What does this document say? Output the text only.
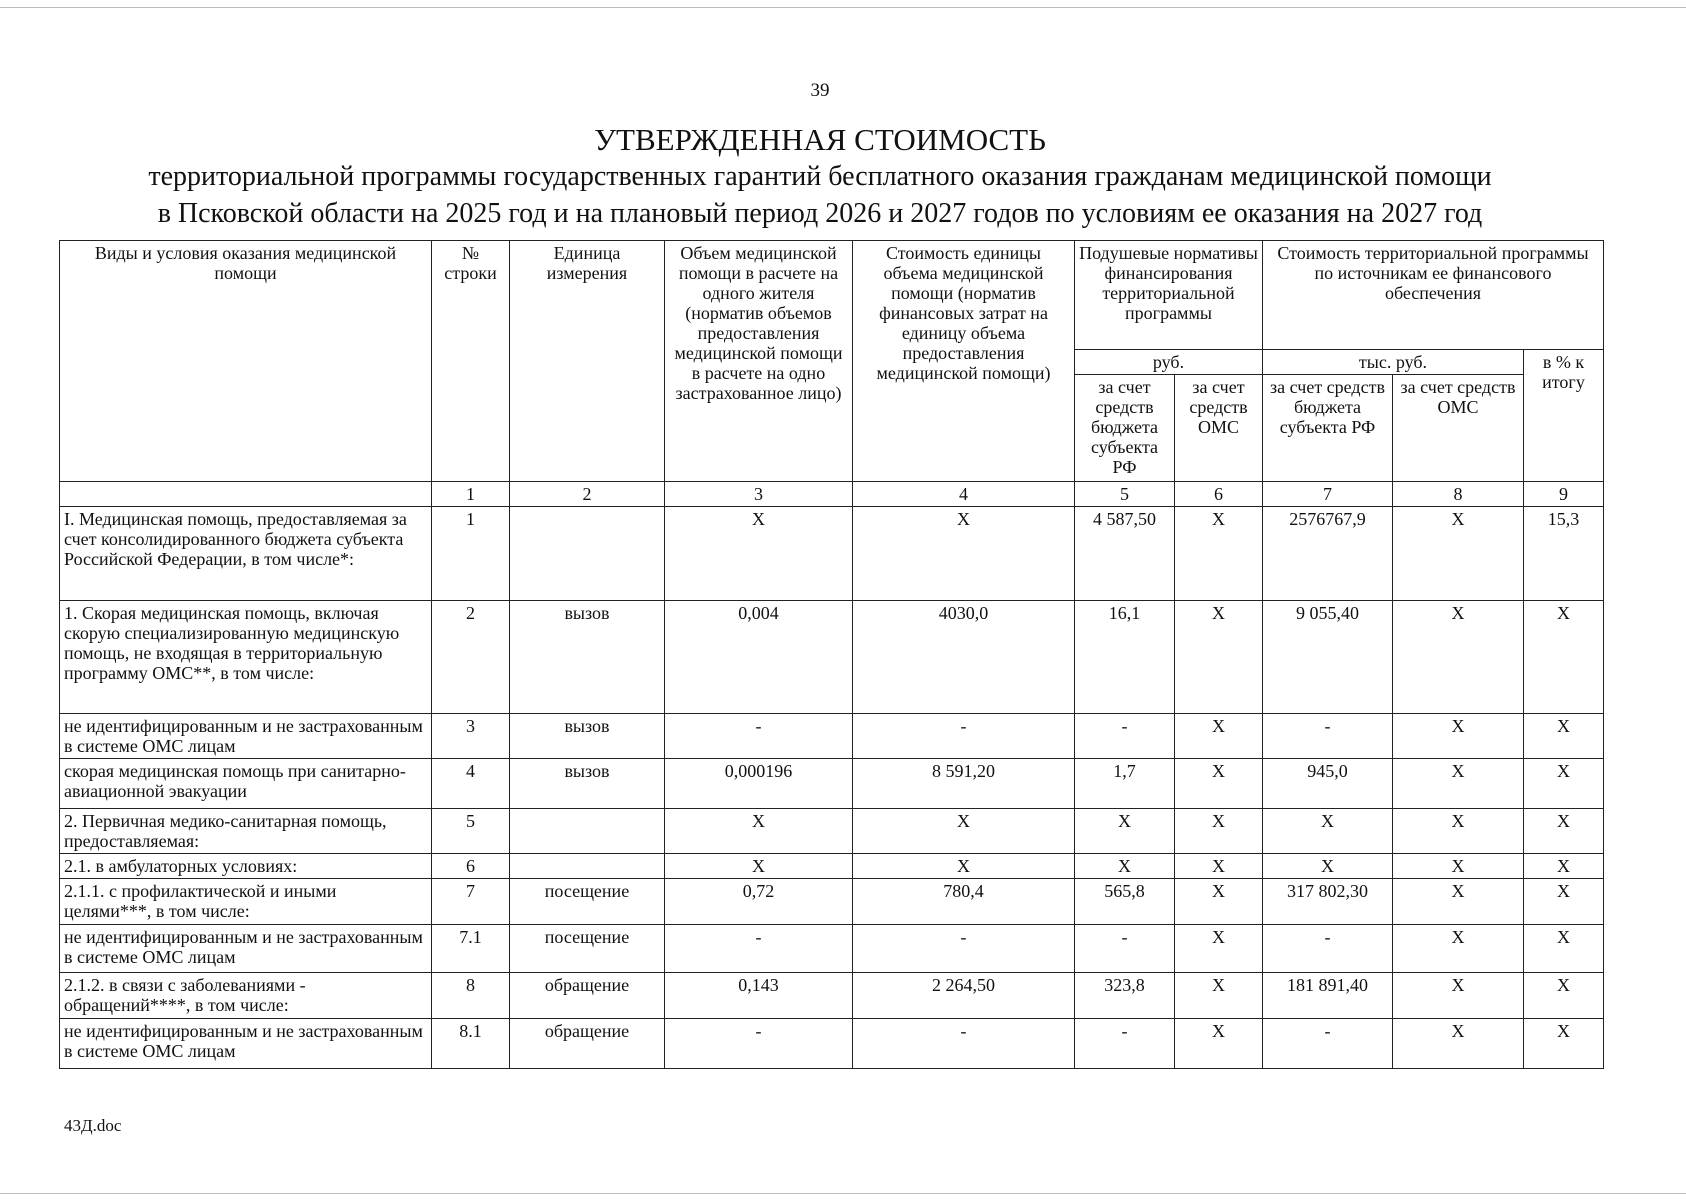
39
УТВЕРЖДЕННАЯ СТОИМОСТЬ
территориальной программы государственных гарантий бесплатного оказания гражданам медицинской помощи
в Псковской области на 2025 год и на плановый период 2026 и 2027 годов по условиям ее оказания на 2027 год
Виды и условия оказания медицинской помощи	№ строки	Единица измерения	Объем медицинской помощи в расчете на одного жителя (норматив объемов предоставления медицинской помощи в расчете на одно застрахованное лицо)	Стоимость единицы объема медицинской помощи (норматив финансовых затрат на единицу объема предоставления медицинской помощи)	Подушевые нормативы финансирования территориальной программы		Стоимость территориальной программы по источникам ее финансового обеспечения		
					руб.		тыс. руб.		в % к итогу
					за счет средств бюджета субъекта РФ	за счет средств ОМС	за счет средств бюджета субъекта РФ	за счет средств ОМС	
	1	2	3	4	5	6	7	8	9
I. Медицинская помощь, предоставляемая за счет консолидированного бюджета субъекта Российской Федерации, в том числе*:	1		Х	Х	4 587,50	Х	2576767,9	Х	15,3
1. Скорая медицинская помощь, включая скорую специализированную медицинскую помощь, не входящая в территориальную программу ОМС**, в том числе:	2	вызов	0,004	4030,0	16,1	Х	9 055,40	Х	Х
не идентифицированным и не застрахованным в системе ОМС лицам	3	вызов	-	-	-	Х	-	Х	Х
скорая медицинская помощь при санитарно-авиационной эвакуации	4	вызов	0,000196	8 591,20	1,7	Х	945,0	Х	Х
2. Первичная медико-санитарная помощь, предоставляемая:	5		Х	Х	Х	Х	Х	Х	Х
2.1. в амбулаторных условиях:	6		Х	Х	Х	Х	Х	Х	Х
2.1.1. с профилактической и иными целями***, в том числе:	7	посещение	0,72	780,4	565,8	Х	317 802,30	Х	Х
не идентифицированным и не застрахованным в системе ОМС лицам	7.1	посещение	-	-	-	Х	-	Х	Х
2.1.2. в связи с заболеваниями - обращений****, в том числе:	8	обращение	0,143	2 264,50	323,8	Х	181 891,40	Х	Х
не идентифицированным и не застрахованным в системе ОМС лицам	8.1	обращение	-	-	-	Х	-	Х	Х
43Д.doc
